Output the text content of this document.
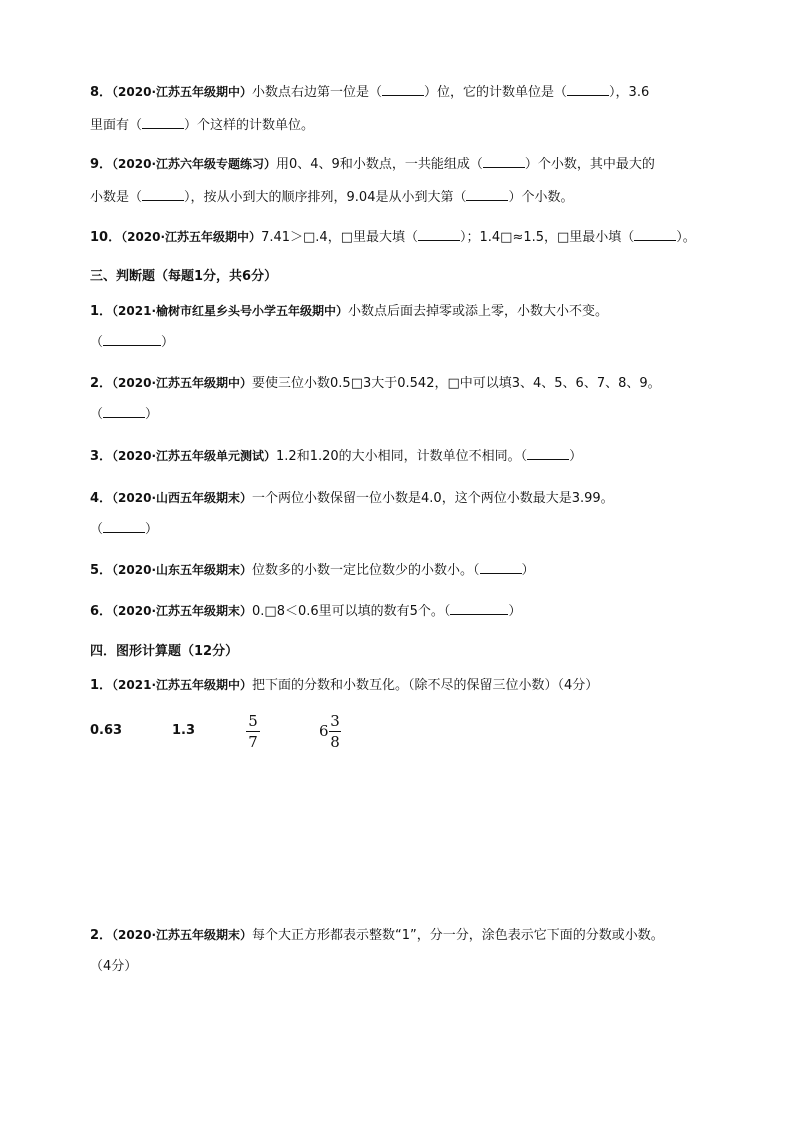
8．（2020·江苏五年级期中）小数点右边第一位是（	）位，它的计数单位是（	），3.6
里面有（	）个这样的计数单位。
9．（2020·江苏六年级专题练习）用0、4、9和小数点，一共能组成（	）个小数，其中最大的
小数是（	），按从小到大的顺序排列，9.04是从小到大第（	）个小数。
10．（2020·江苏五年级期中）7.41＞□.4，□里最大填（	）；1.4□≈1.5，□里最小填（	）。
三、判断题（每题1分，共6分）
1．（2021·榆树市红星乡头号小学五年级期中）小数点后面去掉零或添上零，小数大小不变。
（	）
2．（2020·江苏五年级期中）要使三位小数0.5□3大于0.542，□中可以填3、4、5、6、7、8、9。
（	）
3．（2020·江苏五年级单元测试）1.2和1.20的大小相同，计数单位不相同。（	）
4．（2020·山西五年级期末）一个两位小数保留一位小数是4.0，这个两位小数最大是3.99。
（	）
5．（2020·山东五年级期末）位数多的小数一定比位数少的小数小。（	）
6．（2020·江苏五年级期末）0.□8＜0.6里可以填的数有5个。（	）
四．图形计算题（12分）
1．（2021·江苏五年级期中）把下面的分数和小数互化。（除不尽的保留三位小数）（4分）
0.63	1.3
5
7
6
3
8
2．（2020·江苏五年级期末）每个大正方形都表示整数“1”，分一分，涂色表示它下面的分数或小数。
（4分）
